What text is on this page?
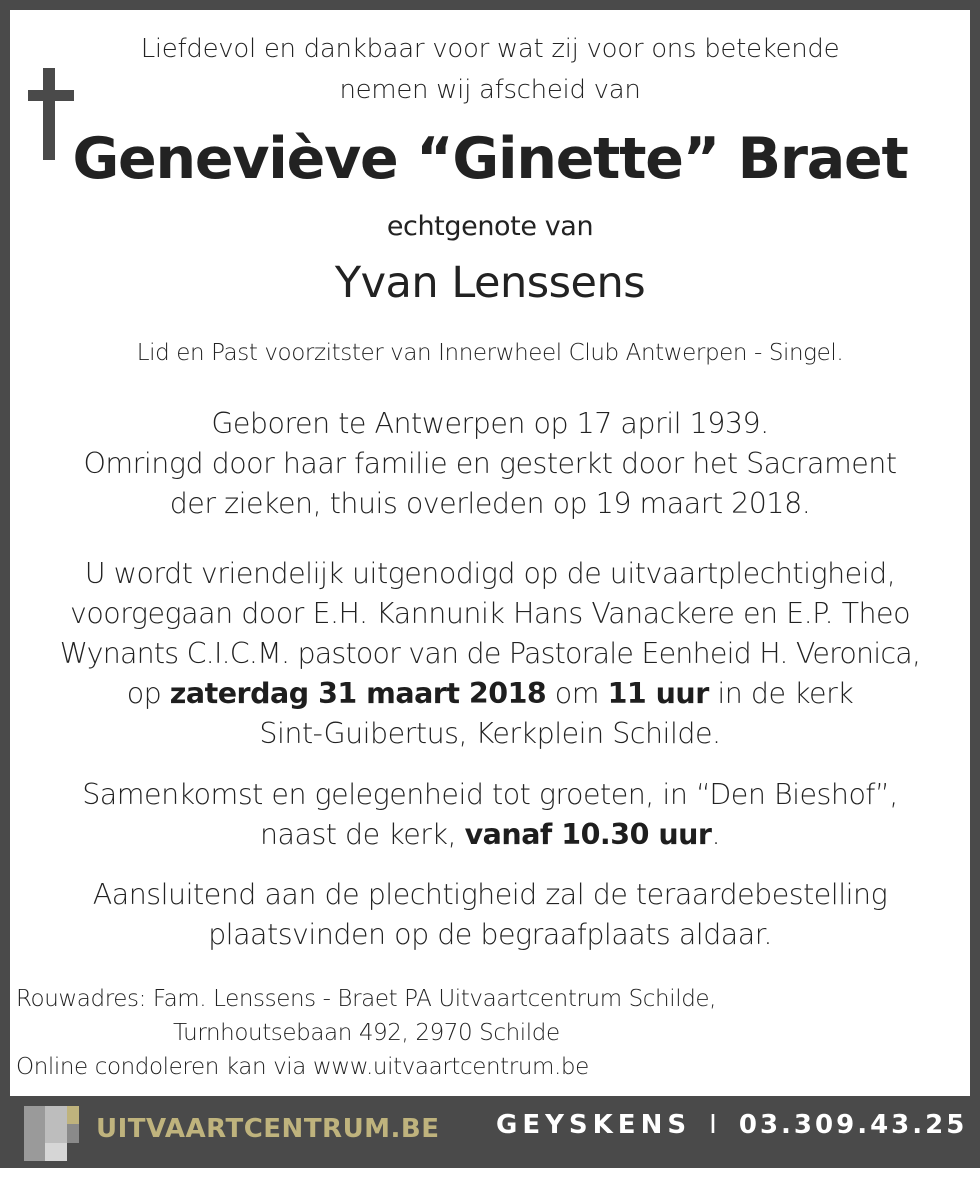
Liefdevol en dankbaar voor wat zij voor ons betekende
nemen wij afscheid van
Geneviève “Ginette” Braet
echtgenote van
Yvan Lenssens
Lid en Past voorzitster van Innerwheel Club Antwerpen - Singel.
Geboren te Antwerpen op 17 april 1939.
Omringd door haar familie en gesterkt door het Sacrament
der zieken, thuis overleden op 19 maart 2018.
U wordt vriendelijk uitgenodigd op de uitvaartplechtigheid,
voorgegaan door E.H. Kannunik Hans Vanackere en E.P. Theo
Wynants C.I.C.M. pastoor van de Pastorale Eenheid H. Veronica,
op zaterdag 31 maart 2018 om 11 uur in de kerk
Sint-Guibertus, Kerkplein Schilde.
Samenkomst en gelegenheid tot groeten, in “Den Bieshof”,
naast de kerk, vanaf 10.30 uur.
Aansluitend aan de plechtigheid zal de teraardebestelling
plaatsvinden op de begraafplaats aldaar.
Rouwadres: Fam. Lenssens - Braet PA Uitvaartcentrum Schilde,
Turnhoutsebaan 492, 2970 Schilde
Online condoleren kan via www.uitvaartcentrum.be
UITVAARTCENTRUM.BE GEYSKENS I 03.309.43.25
